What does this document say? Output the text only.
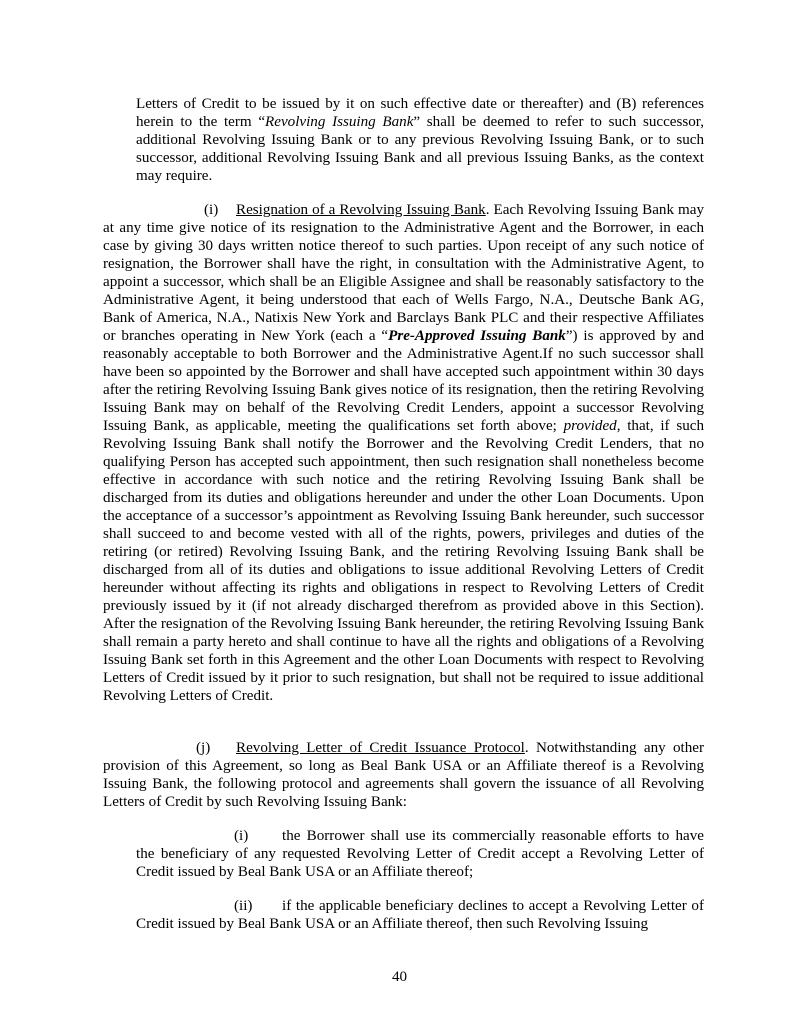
Letters of Credit to be issued by it on such effective date or thereafter) and (B) references herein to the term “Revolving Issuing Bank” shall be deemed to refer to such successor, additional Revolving Issuing Bank or to any previous Revolving Issuing Bank, or to such successor, additional Revolving Issuing Bank and all previous Issuing Banks, as the context may require.

(i) Resignation of a Revolving Issuing Bank. Each Revolving Issuing Bank may at any time give notice of its resignation to the Administrative Agent and the Borrower, in each case by giving 30 days written notice thereof to such parties. Upon receipt of any such notice of resignation, the Borrower shall have the right, in consultation with the Administrative Agent, to appoint a successor, which shall be an Eligible Assignee and shall be reasonably satisfactory to the Administrative Agent, it being understood that each of Wells Fargo, N.A., Deutsche Bank AG, Bank of America, N.A., Natixis New York and Barclays Bank PLC and their respective Affiliates or branches operating in New York (each a “Pre-Approved Issuing Bank”) is approved by and reasonably acceptable to both Borrower and the Administrative Agent.If no such successor shall have been so appointed by the Borrower and shall have accepted such appointment within 30 days after the retiring Revolving Issuing Bank gives notice of its resignation, then the retiring Revolving Issuing Bank may on behalf of the Revolving Credit Lenders, appoint a successor Revolving Issuing Bank, as applicable, meeting the qualifications set forth above; provided, that, if such Revolving Issuing Bank shall notify the Borrower and the Revolving Credit Lenders, that no qualifying Person has accepted such appointment, then such resignation shall nonetheless become effective in accordance with such notice and the retiring Revolving Issuing Bank shall be discharged from its duties and obligations hereunder and under the other Loan Documents. Upon the acceptance of a successor’s appointment as Revolving Issuing Bank hereunder, such successor shall succeed to and become vested with all of the rights, powers, privileges and duties of the retiring (or retired) Revolving Issuing Bank, and the retiring Revolving Issuing Bank shall be discharged from all of its duties and obligations to issue additional Revolving Letters of Credit hereunder without affecting its rights and obligations in respect to Revolving Letters of Credit previously issued by it (if not already discharged therefrom as provided above in this Section). After the resignation of the Revolving Issuing Bank hereunder, the retiring Revolving Issuing Bank shall remain a party hereto and shall continue to have all the rights and obligations of a Revolving Issuing Bank set forth in this Agreement and the other Loan Documents with respect to Revolving Letters of Credit issued by it prior to such resignation, but shall not be required to issue additional Revolving Letters of Credit.

(j) Revolving Letter of Credit Issuance Protocol. Notwithstanding any other provision of this Agreement, so long as Beal Bank USA or an Affiliate thereof is a Revolving Issuing Bank, the following protocol and agreements shall govern the issuance of all Revolving Letters of Credit by such Revolving Issuing Bank:

(i) the Borrower shall use its commercially reasonable efforts to have the beneficiary of any requested Revolving Letter of Credit accept a Revolving Letter of Credit issued by Beal Bank USA or an Affiliate thereof;

(ii) if the applicable beneficiary declines to accept a Revolving Letter of Credit issued by Beal Bank USA or an Affiliate thereof, then such Revolving Issuing

40
